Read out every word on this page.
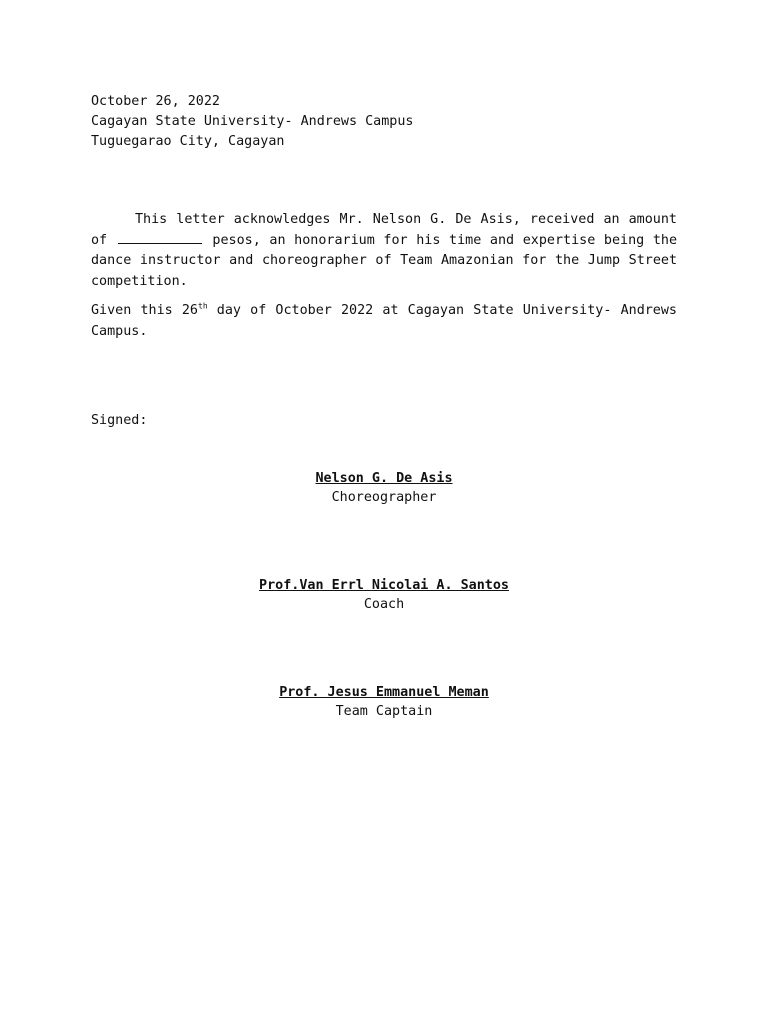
October 26, 2022
Cagayan State University- Andrews Campus
Tuguegarao City, Cagayan

This letter acknowledges Mr. Nelson G. De Asis, received an amount of	pesos, an honorarium for his time and expertise being the dance instructor and choreographer of Team Amazonian for the Jump Street competition.

Given this 26th day of October 2022 at Cagayan State University- Andrews Campus.

Signed:
Nelson G. De Asis
Choreographer
Prof.Van Errl Nicolai A. Santos
Coach
Prof. Jesus Emmanuel Meman
Team Captain
